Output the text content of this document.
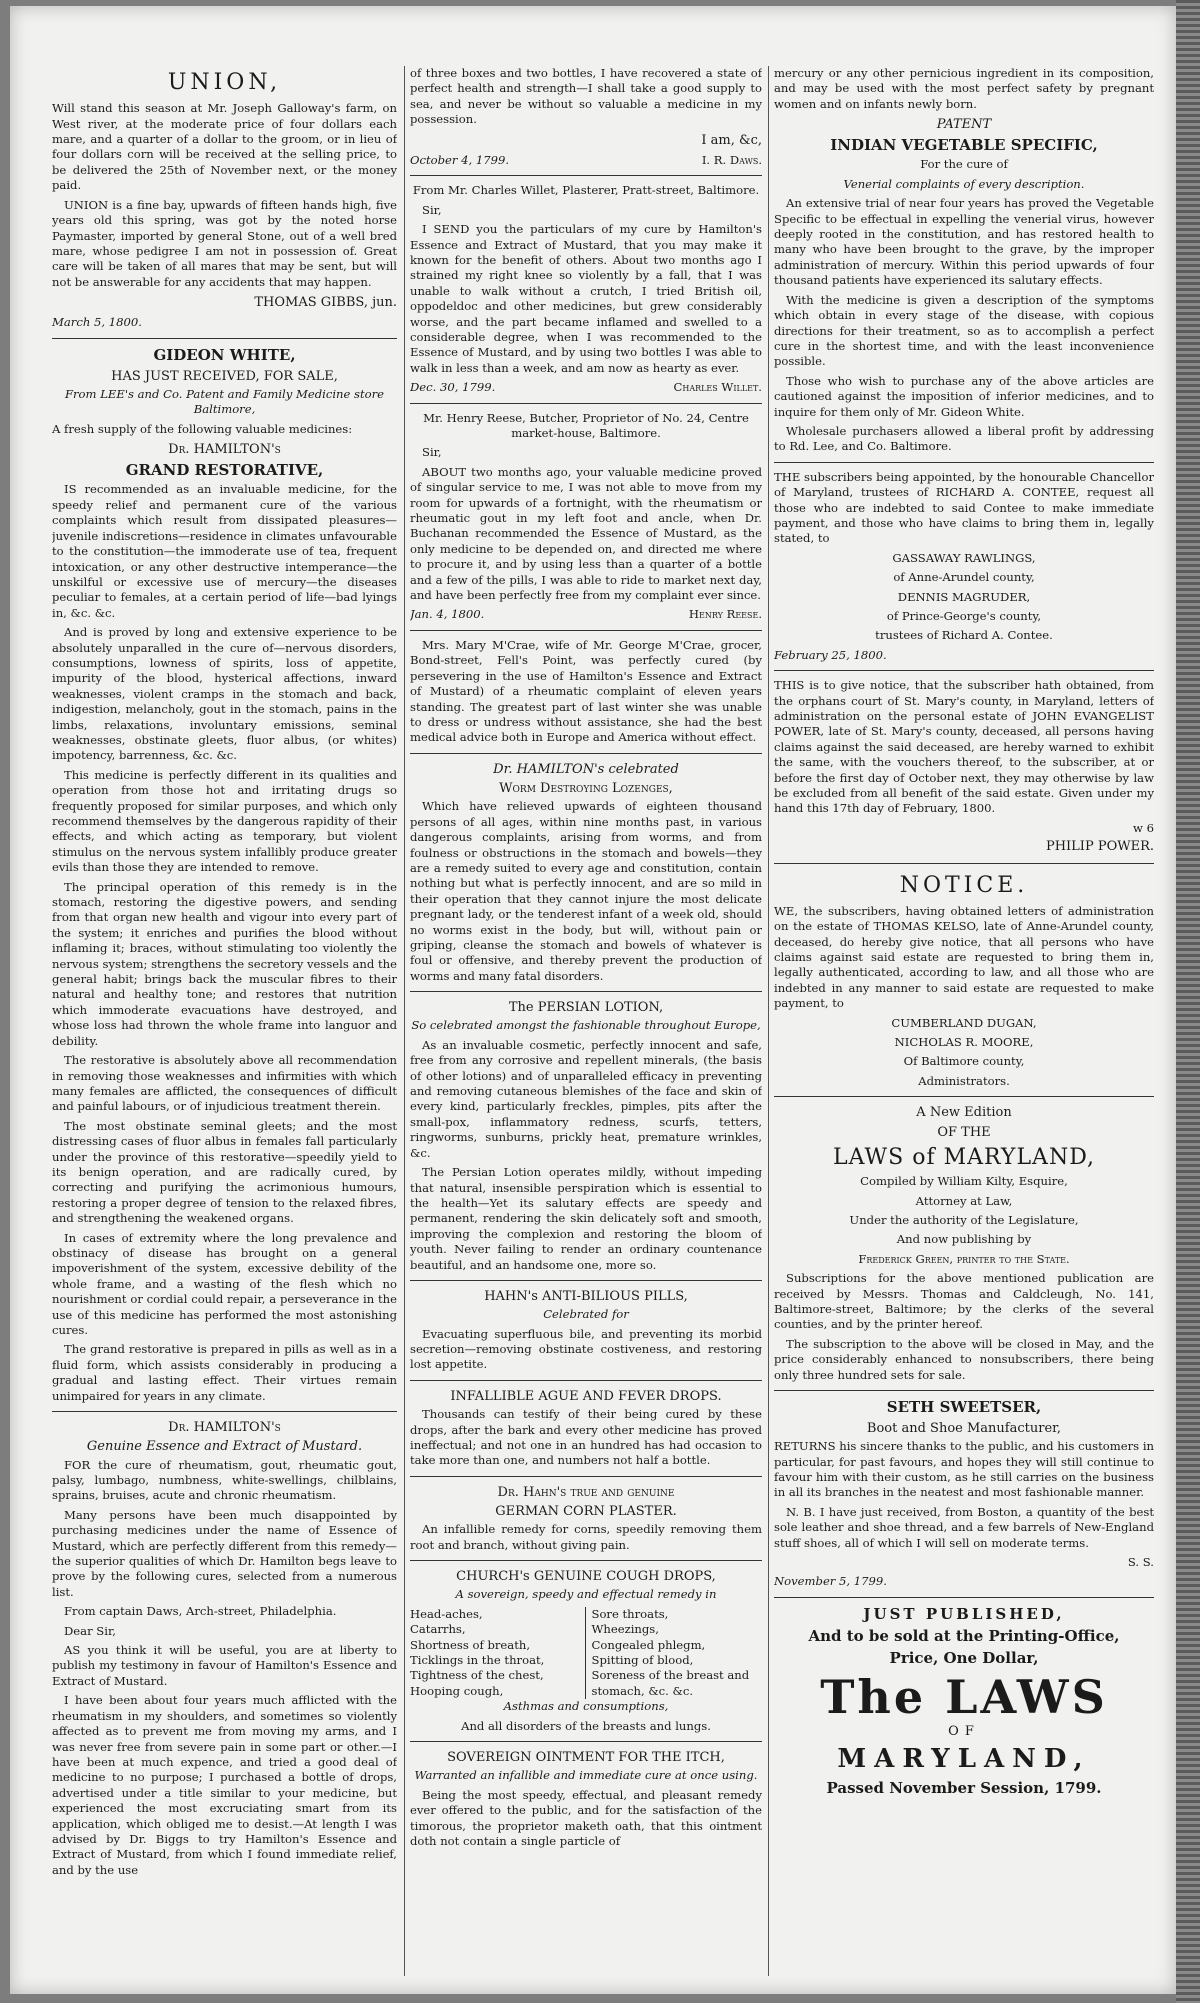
UNION,

Will stand this season at Mr. Joseph Galloway's farm, on West river, at the moderate price of four dollars each mare, and a quarter of a dollar to the groom, or in lieu of four dollars corn will be received at the selling price, to be delivered the 25th of November next, or the money paid.

UNION is a fine bay, upwards of fifteen hands high, five years old this spring, was got by the noted horse Paymaster, imported by general Stone, out of a well bred mare, whose pedigree I am not in possession of. Great care will be taken of all mares that may be sent, but will not be answerable for any accidents that may happen.

THOMAS GIBBS, jun.

March 5, 1800.

GIDEON WHITE,
HAS JUST RECEIVED, FOR SALE,

From LEE's and Co. Patent and Family Medicine store Baltimore,

A fresh supply of the following valuable medicines:

Dr. HAMILTON's
GRAND RESTORATIVE,

IS recommended as an invaluable medicine, for the speedy relief and permanent cure of the various complaints which result from dissipated pleasures—juvenile indiscretions—residence in climates unfavourable to the constitution—the immoderate use of tea, frequent intoxication, or any other destructive intemperance—the unskilful or excessive use of mercury—the diseases peculiar to females, at a certain period of life—bad lyings in, &c. &c.

And is proved by long and extensive experience to be absolutely unparalled in the cure of—nervous disorders, consumptions, lowness of spirits, loss of appetite, impurity of the blood, hysterical affections, inward weaknesses, violent cramps in the stomach and back, indigestion, melancholy, gout in the stomach, pains in the limbs, relaxations, involuntary emissions, seminal weaknesses, obstinate gleets, fluor albus, (or whites) impotency, barrenness, &c. &c.

This medicine is perfectly different in its qualities and operation from those hot and irritating drugs so frequently proposed for similar purposes, and which only recommend themselves by the dangerous rapidity of their effects, and which acting as temporary, but violent stimulus on the nervous system infallibly produce greater evils than those they are intended to remove.

The principal operation of this remedy is in the stomach, restoring the digestive powers, and sending from that organ new health and vigour into every part of the system; it enriches and purifies the blood without inflaming it; braces, without stimulating too violently the nervous system; strengthens the secretory vessels and the general habit; brings back the muscular fibres to their natural and healthy tone; and restores that nutrition which immoderate evacuations have destroyed, and whose loss had thrown the whole frame into languor and debility.

The restorative is absolutely above all recommendation in removing those weaknesses and infirmities with which many females are afflicted, the consequences of difficult and painful labours, or of injudicious treatment therein.

The most obstinate seminal gleets; and the most distressing cases of fluor albus in females fall particularly under the province of this restorative—speedily yield to its benign operation, and are radically cured, by correcting and purifying the acrimonious humours, restoring a proper degree of tension to the relaxed fibres, and strengthening the weakened organs.

In cases of extremity where the long prevalence and obstinacy of disease has brought on a general impoverishment of the system, excessive debility of the whole frame, and a wasting of the flesh which no nourishment or cordial could repair, a perseverance in the use of this medicine has performed the most astonishing cures.

The grand restorative is prepared in pills as well as in a fluid form, which assists considerably in producing a gradual and lasting effect. Their virtues remain unimpaired for years in any climate.

Dr. HAMILTON's
Genuine Essence and Extract of Mustard.

FOR the cure of rheumatism, gout, rheumatic gout, palsy, lumbago, numbness, white-swellings, chilblains, sprains, bruises, acute and chronic rheumatism.

Many persons have been much disappointed by purchasing medicines under the name of Essence of Mustard, which are perfectly different from this remedy—the superior qualities of which Dr. Hamilton begs leave to prove by the following cures, selected from a numerous list.

From captain Daws, Arch-street, Philadelphia.

Dear Sir,

AS you think it will be useful, you are at liberty to publish my testimony in favour of Hamilton's Essence and Extract of Mustard.

I have been about four years much afflicted with the rheumatism in my shoulders, and sometimes so violently affected as to prevent me from moving my arms, and I was never free from severe pain in some part or other.—I have been at much expence, and tried a good deal of medicine to no purpose; I purchased a bottle of drops, advertised under a title similar to your medicine, but experienced the most excruciating smart from its application, which obliged me to desist.—At length I was advised by Dr. Biggs to try Hamilton's Essence and Extract of Mustard, from which I found immediate relief, and by the use

of three boxes and two bottles, I have recovered a state of perfect health and strength—I shall take a good supply to sea, and never be without so valuable a medicine in my possession.

I am, &c,
October 4, 1799.	I. R. Daws.

From Mr. Charles Willet, Plasterer, Pratt-street, Baltimore.

Sir,

I SEND you the particulars of my cure by Hamilton's Essence and Extract of Mustard, that you may make it known for the benefit of others. About two months ago I strained my right knee so violently by a fall, that I was unable to walk without a crutch, I tried British oil, oppodeldoc and other medicines, but grew considerably worse, and the part became inflamed and swelled to a considerable degree, when I was recommended to the Essence of Mustard, and by using two bottles I was able to walk in less than a week, and am now as hearty as ever.

Dec. 30, 1799.	Charles Willet.

Mr. Henry Reese, Butcher, Proprietor of No. 24, Centre market-house, Baltimore.

Sir,

ABOUT two months ago, your valuable medicine proved of singular service to me, I was not able to move from my room for upwards of a fortnight, with the rheumatism or rheumatic gout in my left foot and ancle, when Dr. Buchanan recommended the Essence of Mustard, as the only medicine to be depended on, and directed me where to procure it, and by using less than a quarter of a bottle and a few of the pills, I was able to ride to market next day, and have been perfectly free from my complaint ever since.

Jan. 4, 1800.	Henry Reese.

Mrs. Mary M'Crae, wife of Mr. George M'Crae, grocer, Bond-street, Fell's Point, was perfectly cured (by persevering in the use of Hamilton's Essence and Extract of Mustard) of a rheumatic complaint of eleven years standing. The greatest part of last winter she was unable to dress or undress without assistance, she had the best medical advice both in Europe and America without effect.

Dr. HAMILTON's celebrated
Worm Destroying Lozenges,

Which have relieved upwards of eighteen thousand persons of all ages, within nine months past, in various dangerous complaints, arising from worms, and from foulness or obstructions in the stomach and bowels—they are a remedy suited to every age and constitution, contain nothing but what is perfectly innocent, and are so mild in their operation that they cannot injure the most delicate pregnant lady, or the tenderest infant of a week old, should no worms exist in the body, but will, without pain or griping, cleanse the stomach and bowels of whatever is foul or offensive, and thereby prevent the production of worms and many fatal disorders.

The PERSIAN LOTION,

So celebrated amongst the fashionable throughout Europe,

As an invaluable cosmetic, perfectly innocent and safe, free from any corrosive and repellent minerals, (the basis of other lotions) and of unparalleled efficacy in preventing and removing cutaneous blemishes of the face and skin of every kind, particularly freckles, pimples, pits after the small-pox, inflammatory redness, scurfs, tetters, ringworms, sunburns, prickly heat, premature wrinkles, &c.

The Persian Lotion operates mildly, without impeding that natural, insensible perspiration which is essential to the health—Yet its salutary effects are speedy and permanent, rendering the skin delicately soft and smooth, improving the complexion and restoring the bloom of youth. Never failing to render an ordinary countenance beautiful, and an handsome one, more so.

HAHN's ANTI-BILIOUS PILLS,

Celebrated for

Evacuating superfluous bile, and preventing its morbid secretion—removing obstinate costiveness, and restoring lost appetite.

INFALLIBLE AGUE AND FEVER DROPS.

Thousands can testify of their being cured by these drops, after the bark and every other medicine has proved ineffectual; and not one in an hundred has had occasion to take more than one, and numbers not half a bottle.

Dr. Hahn's true and genuine
GERMAN CORN PLASTER.

An infallible remedy for corns, speedily removing them root and branch, without giving pain.

CHURCH's GENUINE COUGH DROPS,

A sovereign, speedy and effectual remedy in

Head-aches,

Catarrhs,

Shortness of breath,

Ticklings in the throat,

Tightness of the chest,

Hooping cough,

Sore throats,

Wheezings,

Congealed phlegm,

Spitting of blood,

Soreness of the breast and

stomach, &c. &c.

Asthmas and consumptions,

And all disorders of the breasts and lungs.

SOVEREIGN OINTMENT FOR THE ITCH,

Warranted an infallible and immediate cure at once using.

Being the most speedy, effectual, and pleasant remedy ever offered to the public, and for the satisfaction of the timorous, the proprietor maketh oath, that this ointment doth not contain a single particle of

mercury or any other pernicious ingredient in its composition, and may be used with the most perfect safety by pregnant women and on infants newly born.

PATENT
INDIAN VEGETABLE SPECIFIC,

For the cure of

Venerial complaints of every description.

An extensive trial of near four years has proved the Vegetable Specific to be effectual in expelling the venerial virus, however deeply rooted in the constitution, and has restored health to many who have been brought to the grave, by the improper administration of mercury. Within this period upwards of four thousand patients have experienced its salutary effects.

With the medicine is given a description of the symptoms which obtain in every stage of the disease, with copious directions for their treatment, so as to accomplish a perfect cure in the shortest time, and with the least inconvenience possible.

Those who wish to purchase any of the above articles are cautioned against the imposition of inferior medicines, and to inquire for them only of Mr. Gideon White.

Wholesale purchasers allowed a liberal profit by addressing to Rd. Lee, and Co. Baltimore.

THE subscribers being appointed, by the honourable Chancellor of Maryland, trustees of RICHARD A. CONTEE, request all those who are indebted to said Contee to make immediate payment, and those who have claims to bring them in, legally stated, to

GASSAWAY RAWLINGS,

of Anne-Arundel county,

DENNIS MAGRUDER,

of Prince-George's county,

trustees of Richard A. Contee.

February 25, 1800.

THIS is to give notice, that the subscriber hath obtained, from the orphans court of St. Mary's county, in Maryland, letters of administration on the personal estate of JOHN EVANGELIST POWER, late of St. Mary's county, deceased, all persons having claims against the said deceased, are hereby warned to exhibit the same, with the vouchers thereof, to the subscriber, at or before the first day of October next, they may otherwise by law be excluded from all benefit of the said estate. Given under my hand this 17th day of February, 1800.

w 6
PHILIP POWER.
NOTICE.

WE, the subscribers, having obtained letters of administration on the estate of THOMAS KELSO, late of Anne-Arundel county, deceased, do hereby give notice, that all persons who have claims against said estate are requested to bring them in, legally authenticated, according to law, and all those who are indebted in any manner to said estate are requested to make payment, to

CUMBERLAND DUGAN,

NICHOLAS R. MOORE,

Of Baltimore county,

Administrators.

A New Edition
OF THE
LAWS of MARYLAND,

Compiled by William Kilty, Esquire,

Attorney at Law,

Under the authority of the Legislature,

And now publishing by

Frederick Green, printer to the State.

Subscriptions for the above mentioned publication are received by Messrs. Thomas and Caldcleugh, No. 141, Baltimore-street, Baltimore; by the clerks of the several counties, and by the printer hereof.

The subscription to the above will be closed in May, and the price considerably enhanced to nonsubscribers, there being only three hundred sets for sale.

SETH SWEETSER,
Boot and Shoe Manufacturer,

RETURNS his sincere thanks to the public, and his customers in particular, for past favours, and hopes they will still continue to favour him with their custom, as he still carries on the business in all its branches in the neatest and most fashionable manner.

N. B. I have just received, from Boston, a quantity of the best sole leather and shoe thread, and a few barrels of New-England stuff shoes, all of which I will sell on moderate terms.

S. S.

November 5, 1799.

JUST PUBLISHED,
And to be sold at the Printing-Office,
Price, One Dollar,
The LAWS
OF
MARYLAND,
Passed November Session, 1799.
